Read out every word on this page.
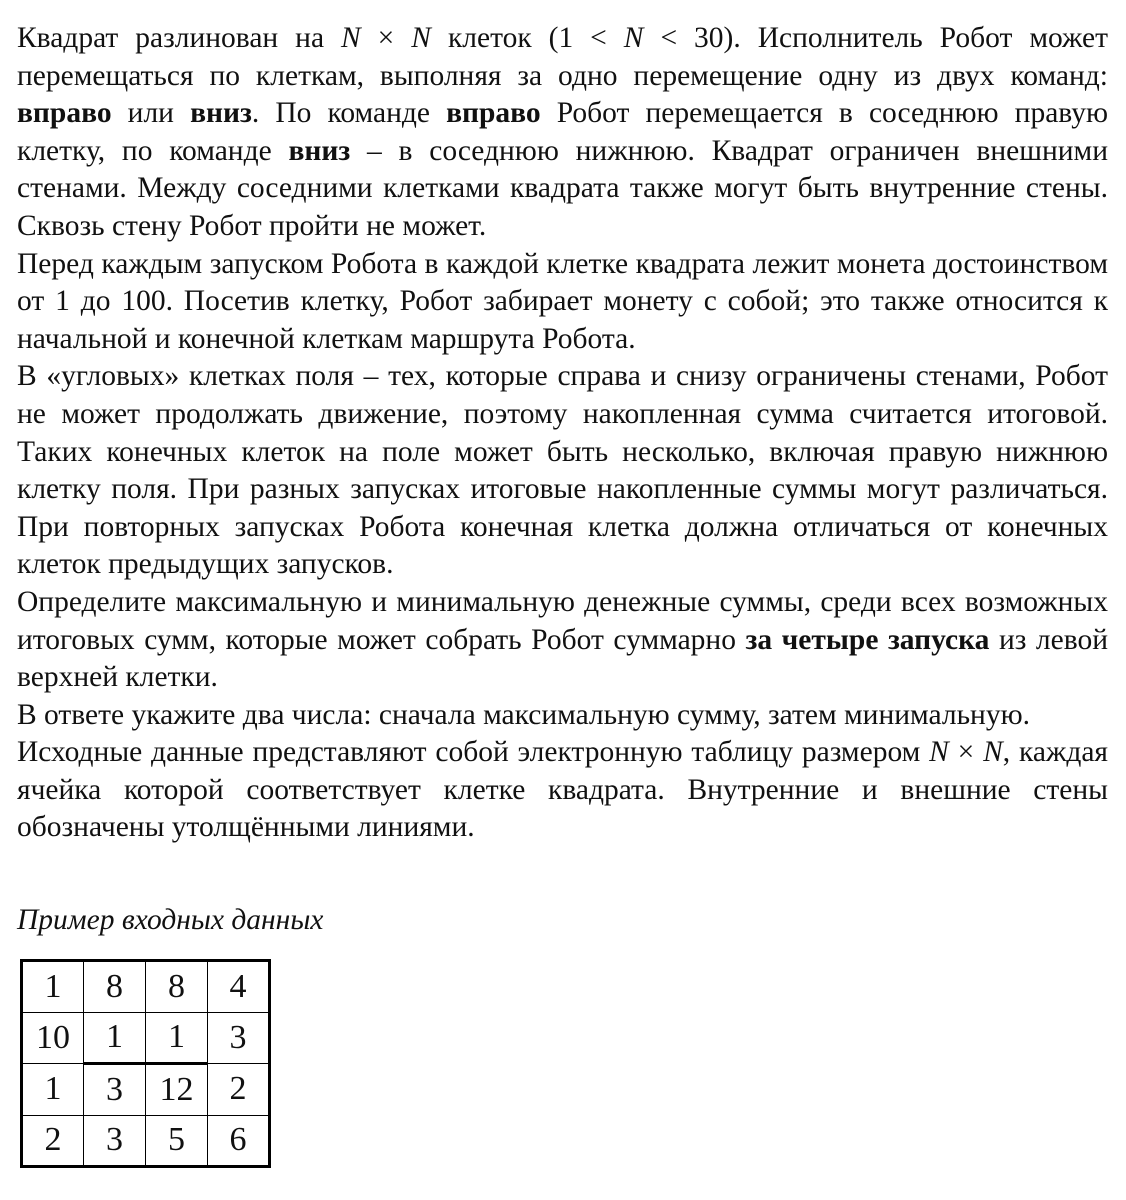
Квадрат разлинован на N × N клеток (1 < N < 30). Исполнитель Робот может перемещаться по клеткам, выполняя за одно перемещение одну из двух команд: вправо или вниз. По команде вправо Робот перемещается в соседнюю правую клетку, по команде вниз – в соседнюю нижнюю. Квадрат ограничен внешними стенами. Между соседними клетками квадрата также могут быть внутренние стены. Сквозь стену Робот пройти не может.

Перед каждым запуском Робота в каждой клетке квадрата лежит монета достоинством от 1 до 100. Посетив клетку, Робот забирает монету с собой; это также относится к начальной и конечной клеткам маршрута Робота.

В «угловых» клетках поля – тех, которые справа и снизу ограничены стенами, Робот не может продолжать движение, поэтому накопленная сумма считается итоговой. Таких конечных клеток на поле может быть несколько, включая правую нижнюю клетку поля. При разных запусках итоговые накопленные суммы могут различаться. При повторных запусках Робота конечная клетка должна отличаться от конечных клеток предыдущих запусков.

Определите максимальную и минимальную денежные суммы, среди всех возможных итоговых сумм, которые может собрать Робот суммарно за четыре запуска из левой верхней клетки.

В ответе укажите два числа: сначала максимальную сумму, затем минимальную.

Исходные данные представляют собой электронную таблицу размером N × N, каждая ячейка которой соответствует клетке квадрата. Внутренние и внешние стены обозначены утолщёнными линиями.

Пример входных данных
1	8	8	4
10	1	1	3
1	3	12	2
2	3	5	6
